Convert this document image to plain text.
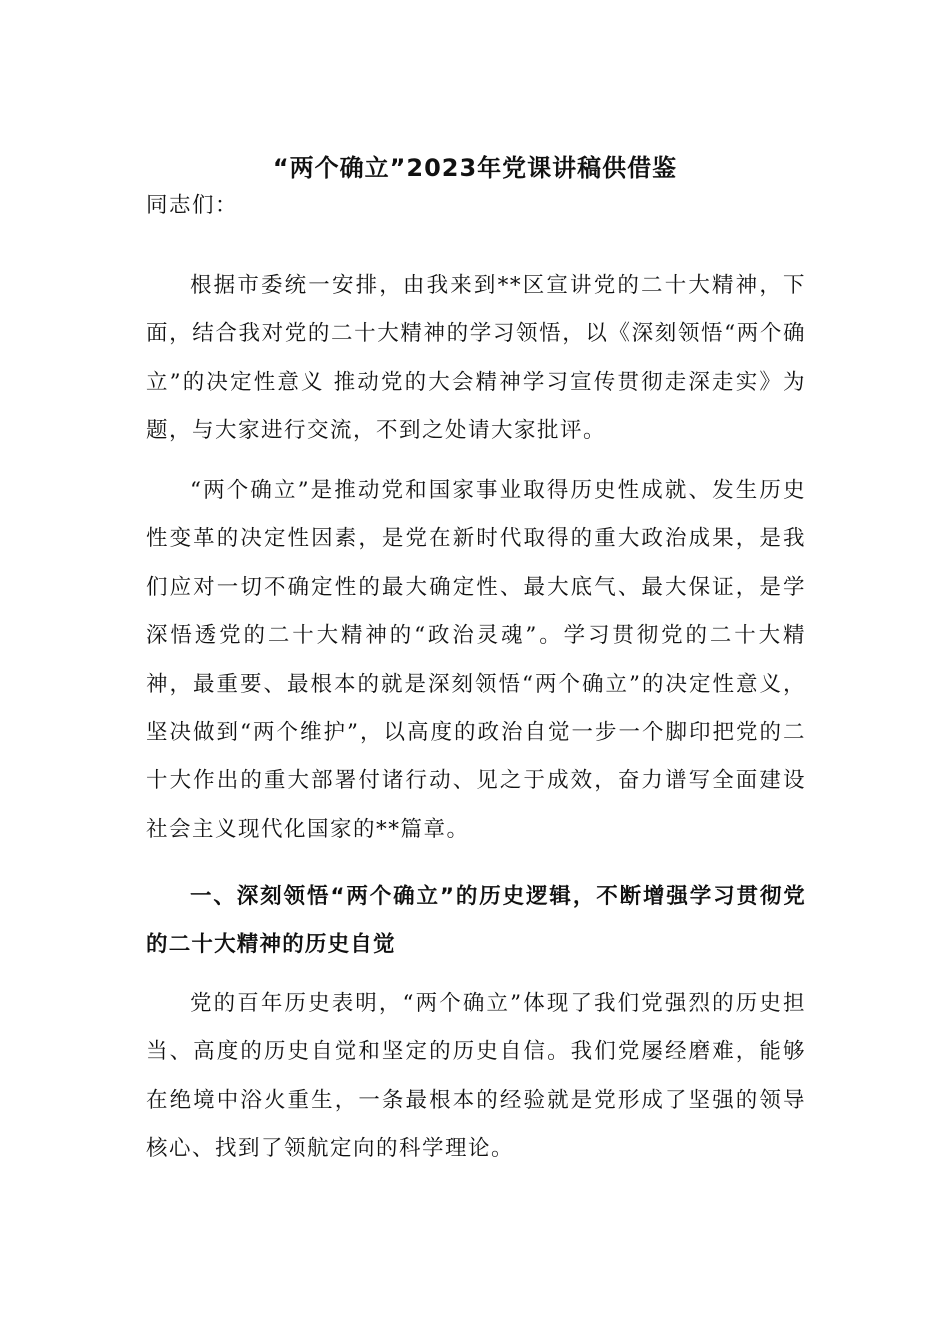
“两个确立”2023年党课讲稿供借鉴

同志们：

根据市委统一安排，由我来到**区宣讲党的二十大精神，下面，结合我对党的二十大精神的学习领悟，以《深刻领悟“两个确立”的决定性意义 推动党的大会精神学习宣传贯彻走深走实》为题，与大家进行交流，不到之处请大家批评。

“两个确立”是推动党和国家事业取得历史性成就、发生历史性变革的决定性因素，是党在新时代取得的重大政治成果，是我们应对一切不确定性的最大确定性、最大底气、最大保证，是学深悟透党的二十大精神的“政治灵魂”。学习贯彻党的二十大精神，最重要、最根本的就是深刻领悟“两个确立”的决定性意义，坚决做到“两个维护”，以高度的政治自觉一步一个脚印把党的二十大作出的重大部署付诸行动、见之于成效，奋力谱写全面建设社会主义现代化国家的**篇章。

一、深刻领悟“两个确立”的历史逻辑，不断增强学习贯彻党的二十大精神的历史自觉

党的百年历史表明，“两个确立”体现了我们党强烈的历史担当、高度的历史自觉和坚定的历史自信。我们党屡经磨难，能够在绝境中浴火重生，一条最根本的经验就是党形成了坚强的领导核心、找到了领航定向的科学理论。
